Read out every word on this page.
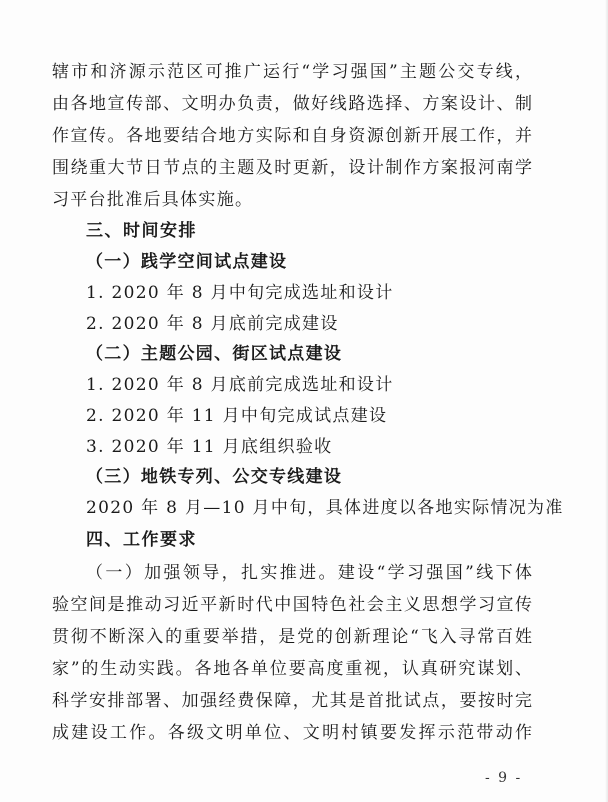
辖市和济源示范区可推广运行“学习强国”主题公交专线，
由各地宣传部、文明办负责，做好线路选择、方案设计、制
作宣传。各地要结合地方实际和自身资源创新开展工作，并
围绕重大节日节点的主题及时更新，设计制作方案报河南学
习平台批准后具体实施。
三、时间安排
（一）践学空间试点建设
1. 2020 年 8 月中旬完成选址和设计
2. 2020 年 8 月底前完成建设
（二）主题公园、街区试点建设
1. 2020 年 8 月底前完成选址和设计
2. 2020 年 11 月中旬完成试点建设
3. 2020 年 11 月底组织验收
（三）地铁专列、公交专线建设
2020 年 8 月—10 月中旬，具体进度以各地实际情况为准
四、工作要求
（一）加强领导，扎实推进。建设“学习强国”线下体
验空间是推动习近平新时代中国特色社会主义思想学习宣传
贯彻不断深入的重要举措，是党的创新理论“飞入寻常百姓
家”的生动实践。各地各单位要高度重视，认真研究谋划、
科学安排部署、加强经费保障，尤其是首批试点，要按时完
成建设工作。各级文明单位、文明村镇要发挥示范带动作
- 9 -
